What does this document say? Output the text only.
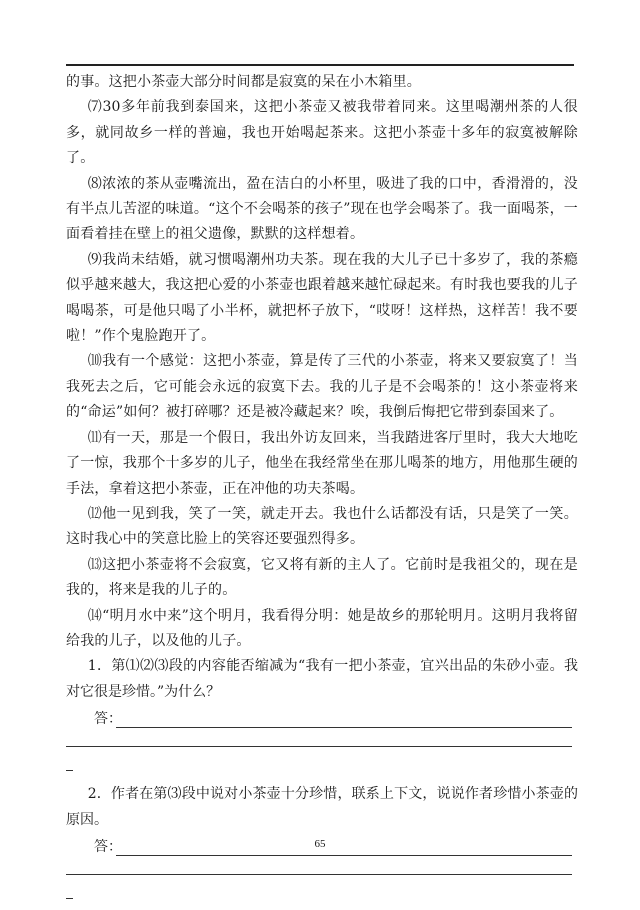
的事。这把小茶壶大部分时间都是寂寞的呆在小木箱里。

⑺30多年前我到泰国来，这把小茶壶又被我带着同来。这里喝潮州茶的人很多，就同故乡一样的普遍，我也开始喝起茶来。这把小茶壶十多年的寂寞被解除了。

⑻浓浓的茶从壶嘴流出，盈在洁白的小杯里，吸进了我的口中，香滑滑的，没有半点儿苦涩的味道。“这个不会喝茶的孩子”现在也学会喝茶了。我一面喝茶，一面看着挂在壁上的祖父遗像，默默的这样想着。

⑼我尚未结婚，就习惯喝潮州功夫茶。现在我的大儿子已十多岁了，我的茶瘾似乎越来越大，我这把心爱的小茶壶也跟着越来越忙碌起来。有时我也要我的儿子喝喝茶，可是他只喝了小半杯，就把杯子放下，“哎呀！这样热，这样苦！我不要啦！”作个鬼脸跑开了。

⑽我有一个感觉：这把小茶壶，算是传了三代的小茶壶，将来又要寂寞了！当我死去之后，它可能会永远的寂寞下去。我的儿子是不会喝茶的！这小茶壶将来的“命运”如何？被打碎哪？还是被冷藏起来？唉，我倒后悔把它带到泰国来了。

⑾有一天，那是一个假日，我出外访友回来，当我踏进客厅里时，我大大地吃了一惊，我那个十多岁的儿子，他坐在我经常坐在那儿喝茶的地方，用他那生硬的手法，拿着这把小茶壶，正在冲他的功夫茶喝。

⑿他一见到我，笑了一笑，就走开去。我也什么话都没有话，只是笑了一笑。这时我心中的笑意比脸上的笑容还要强烈得多。

⒀这把小茶壶将不会寂寞，它又将有新的主人了。它前时是我祖父的，现在是我的，将来是我的儿子的。

⒁“明月水中来”这个明月，我看得分明：她是故乡的那轮明月。这明月我将留给我的儿子，以及他的儿子。

1．第⑴⑵⑶段的内容能否缩减为“我有一把小茶壶，宜兴出品的朱砂小壶。我对它很是珍惜。”为什么？

答：

2．作者在第⑶段中说对小茶壶十分珍惜，联系上下文，说说作者珍惜小茶壶的原因。

答：	65
